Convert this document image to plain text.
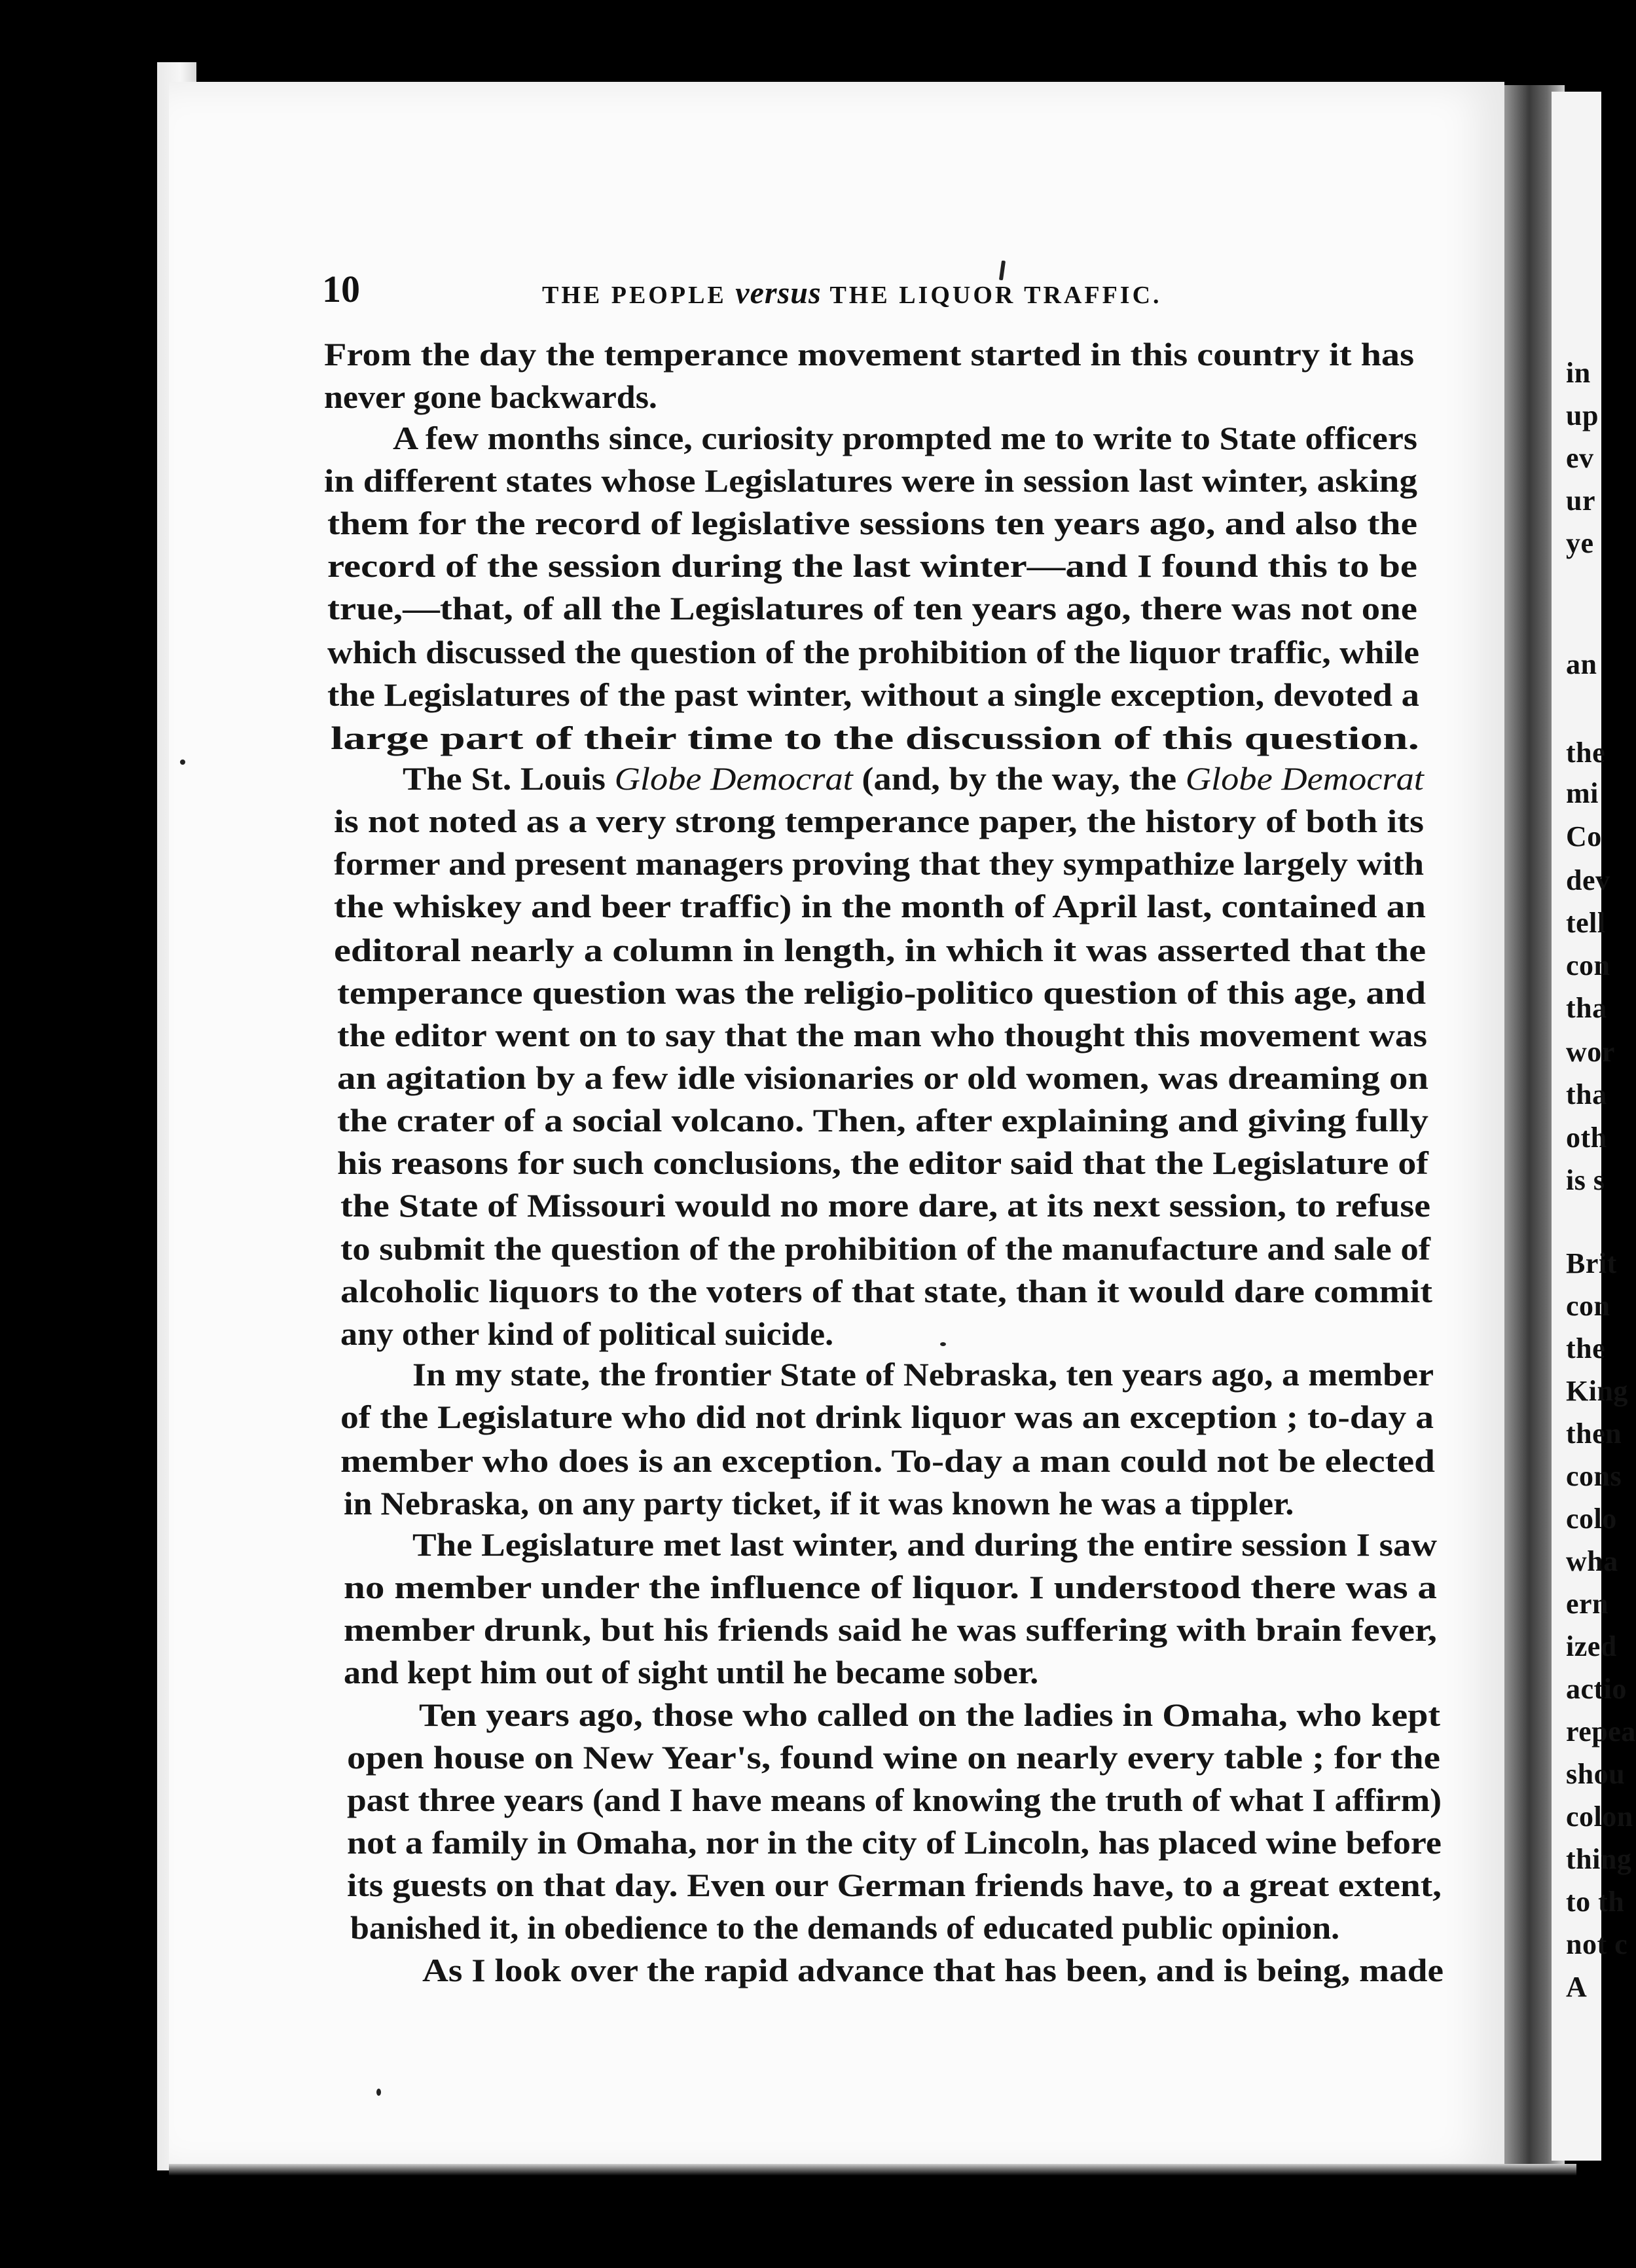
in
up
ev
ur
ye
an
the
mi
Co
dev
tell
con
tha
wor
tha
oth
is s
Brit
con
the
King
then
cons
colo
wha
ern
ized
actio
repea
shou
colon
thing
to th
not c
A
10	THE PEOPLE versus THE LIQUOR TRAFFIC.
From the day the temperance movement started in this country it has
never gone backwards.
A few months since, curiosity prompted me to write to State officers
in different states whose Legislatures were in session last winter, asking
them for the record of legislative sessions ten years ago, and also the
record of the session during the last winter—and I found this to be
true,—that, of all the Legislatures of ten years ago, there was not one
which discussed the question of the prohibition of the liquor traffic, while
the Legislatures of the past winter, without a single exception, devoted a
large part of their time to the discussion of this question.
The St. Louis Globe Democrat (and, by the way, the Globe Democrat
is not noted as a very strong temperance paper, the history of both its
former and present managers proving that they sympathize largely with
the whiskey and beer traffic) in the month of April last, contained an
editoral nearly a column in length, in which it was asserted that the
temperance question was the religio-politico question of this age, and
the editor went on to say that the man who thought this movement was
an agitation by a few idle visionaries or old women, was dreaming on
the crater of a social volcano. Then, after explaining and giving fully
his reasons for such conclusions, the editor said that the Legislature of
the State of Missouri would no more dare, at its next session, to refuse
to submit the question of the prohibition of the manufacture and sale of
alcoholic liquors to the voters of that state, than it would dare commit
any other kind of political suicide.
In my state, the frontier State of Nebraska, ten years ago, a member
of the Legislature who did not drink liquor was an exception ; to-day a
member who does is an exception. To-day a man could not be elected
in Nebraska, on any party ticket, if it was known he was a tippler.
The Legislature met last winter, and during the entire session I saw
no member under the influence of liquor. I understood there was a
member drunk, but his friends said he was suffering with brain fever,
and kept him out of sight until he became sober.
Ten years ago, those who called on the ladies in Omaha, who kept
open house on New Year's, found wine on nearly every table ; for the
past three years (and I have means of knowing the truth of what I affirm)
not a family in Omaha, nor in the city of Lincoln, has placed wine before
its guests on that day. Even our German friends have, to a great extent,
banished it, in obedience to the demands of educated public opinion.
As I look over the rapid advance that has been, and is being, made
